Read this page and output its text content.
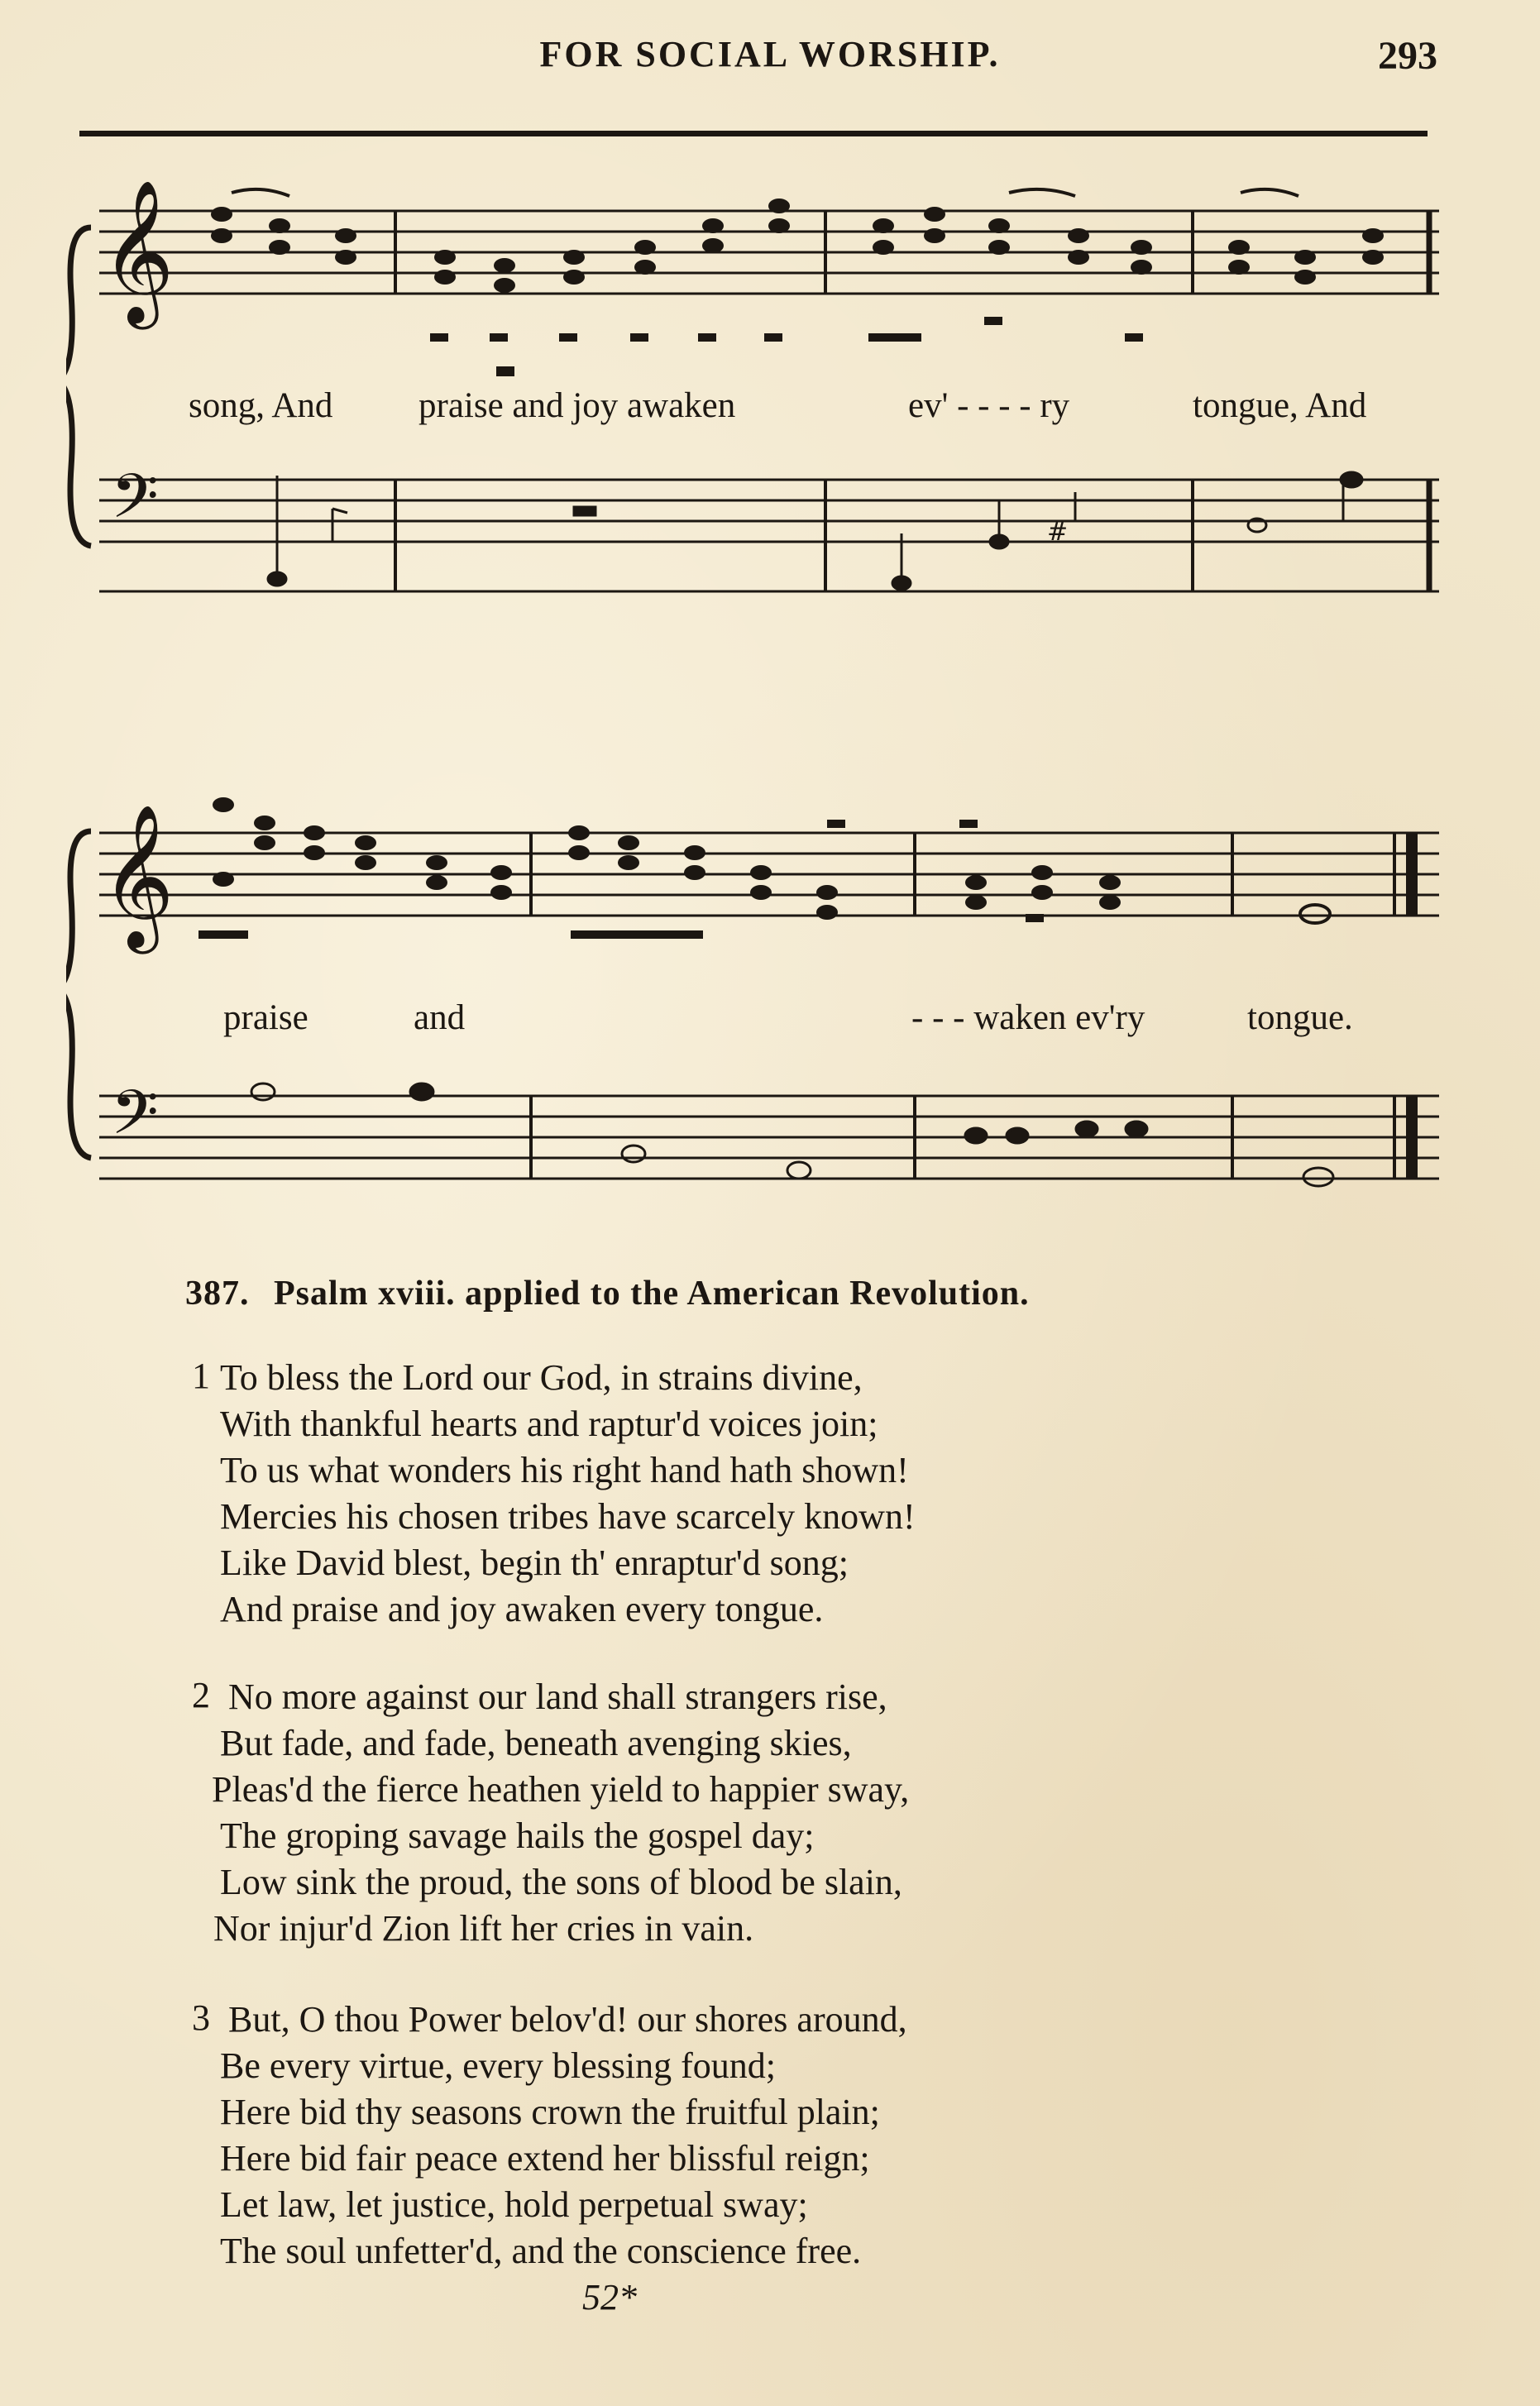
FOR SOCIAL WORSHIP.	293
𝄞
𝄢	#
song, And praise and joy awaken	ev' - - - - ry	tongue, And
𝄞
𝄢
praise	and	- - - waken ev'ry	tongue.
387. Psalm xviii. applied to the American Revolution.
1 To bless the Lord our God, in strains divine,
With thankful hearts and raptur'd voices join;
To us what wonders his right hand hath shown!
Mercies his chosen tribes have scarcely known!
Like David blest, begin th' enraptur'd song;
And praise and joy awaken every tongue.
2 No more against our land shall strangers rise,
But fade, and fade, beneath avenging skies,
Pleas'd the fierce heathen yield to happier sway,
The groping savage hails the gospel day;
Low sink the proud, the sons of blood be slain,
Nor injur'd Zion lift her cries in vain.
3 But, O thou Power belov'd! our shores around,
Be every virtue, every blessing found;
Here bid thy seasons crown the fruitful plain;
Here bid fair peace extend her blissful reign;
Let law, let justice, hold perpetual sway;
The soul unfetter'd, and the conscience free.
52*
